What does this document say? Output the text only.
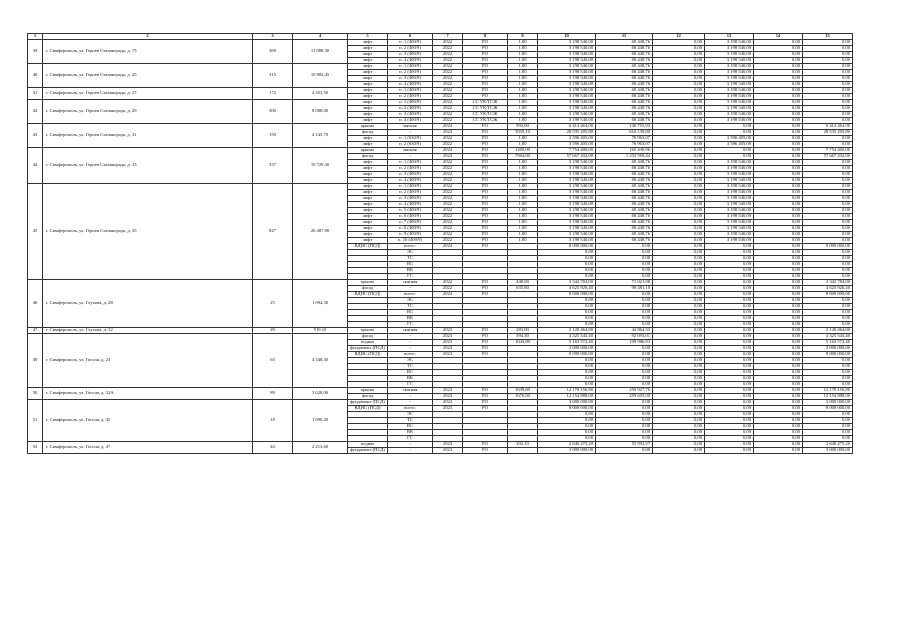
1	2	3	4	5	6	7	8	9	10	11	12	13	14	15
39	г. Симферополь, ул. Героев Сталинграда, д. 73	369	11 088,30	лифт	п. 1 (400/9)	2022	РО	1,00	3 198 540,00	68 448,76	0,00	3 198 540,00	0,00	0,00
				лифт	п. 2 (400/9)	2022	РО	1,00	3 198 540,00	68 448,76	0,00	3 198 540,00	0,00	0,00
				лифт	п. 3 (400/9)	2022	РО	1,00	3 198 540,00	68 448,76	0,00	3 198 540,00	0,00	0,00
				лифт	п. 4 (400/9)	2022	РО	1,00	3 198 540,00	68 448,76	0,00	3 198 540,00	0,00	0,00
40	г. Симферополь, ул. Героев Сталинграда, д. 25	315	10 882,45	лифт	п. 1 (400/9)	2022	РО	1,00	3 198 540,00	68 448,76	0,00	3 198 540,00	0,00	0,00
				лифт	п. 2 (400/9)	2022	РО	1,00	3 198 540,00	68 448,76	0,00	3 198 540,00	0,00	0,00
				лифт	п. 3 (400/9)	2022	РО	1,00	3 198 540,00	68 448,76	0,00	3 198 540,00	0,00	0,00
				лифт	п. 4 (400/9)	2022	РО	1,00	3 198 540,00	68 448,76	0,00	3 198 540,00	0,00	0,00
41	г. Симферополь, ул. Героев Сталинграда, д. 27	172	4 353,50	лифт	п. 1 (400/9)	2022	РО	1,00	3 198 540,00	68 448,76	0,00	3 198 540,00	0,00	0,00
				лифт	п. 2 (400/9)	2022	РО	1,00	3 198 540,00	68 448,76	0,00	3 198 540,00	0,00	0,00
42	г. Симферополь, ул. Героев Сталинграда, д. 29	300	8 008,00	лифт	п. 1 (400/9)	2022	СС УК/ТСЖ	1,00	3 198 540,00	68 448,76	0,00	3 198 540,00	0,00	0,00
				лифт	п. 2 (400/9)	2022	СС УК/ТСЖ	1,00	3 198 540,00	68 448,76	0,00	3 198 540,00	0,00	0,00
				лифт	п. 3 (400/9)	2022	СС УК/ТСЖ	1,00	3 198 540,00	68 448,76	0,00	3 198 540,00	0,00	0,00
				лифт	п. 4 (400/9)	2022	СС УК/ТСЖ	1,00	3 198 540,00	68 448,76	0,00	3 198 540,00	0,00	0,00
43	г. Симферополь, ул. Героев Сталинграда, д. 31	150	4 145,70	крыша	мягкая	2024	РО	992,00	6 414 464,00	136 755,93	0,00	0,00	0,00	6 414 464,00
				фасад	-	2024	РО	3939,10	28 535 205,80	610 139,80	0,00	0,00	0,00	28 535 205,80
				лифт	п. 1 (630/9)	2022	РО	1,00	3 596 405,00	76 963,07	0,00	3 596 405,00	0,00	0,00
				лифт	п. 2 (630/9)	2022	РО	1,00	3 596 405,00	76 963,07	0,00	3 596 405,00	0,00	0,00
44	г. Симферополь, ул. Героев Сталинграда, д. 33	337	10 729,30	крыша	мягкая	2024	РО	1200,00	7 754 400,00	165 430,96	0,00	0,00	0,00	7 754 400,00
				фасад	-	2024	РО	7964,00	57 667 432,00	1 233 569,44	0,00	0,00	0,00	57 667 432,00
				лифт	п. 1 (400/9)	2022	РО	1,00	3 198 540,00	68 448,76	0,00	3 198 540,00	0,00	0,00
				лифт	п. 2 (400/9)	2022	РО	1,00	3 198 540,00	68 448,76	0,00	3 198 540,00	0,00	0,00
				лифт	п. 3 (400/9)	2022	РО	1,00	3 198 540,00	68 448,76	0,00	3 198 540,00	0,00	0,00
				лифт	п. 4 (400/9)	2022	РО	1,00	3 198 540,00	68 448,76	0,00	3 198 540,00	0,00	0,00
45	г. Симферополь, ул. Героев Сталинграда, д. 35	827	26 487,90	лифт	п. 1 (400/9)	2022	РО	1,00	3 198 540,00	68 448,76	0,00	3 198 540,00	0,00	0,00
				лифт	п. 2 (400/9)	2022	РО	1,00	3 198 540,00	68 448,76	0,00	3 198 540,00	0,00	0,00
				лифт	п. 3 (400/9)	2022	РО	1,00	3 198 540,00	68 448,76	0,00	3 198 540,00	0,00	0,00
				лифт	п. 4 (400/9)	2022	РО	1,00	3 198 540,00	68 448,76	0,00	3 198 540,00	0,00	0,00
				лифт	п. 5 (400/9)	2022	РО	1,00	3 198 540,00	68 448,76	0,00	3 198 540,00	0,00	0,00
				лифт	п. 6 (400/9)	2022	РО	1,00	3 198 540,00	68 448,76	0,00	3 198 540,00	0,00	0,00
				лифт	п. 7 (400/9)	2022	РО	1,00	3 198 540,00	68 448,76	0,00	3 198 540,00	0,00	0,00
				лифт	п. 8 (400/9)	2022	РО	1,00	3 198 540,00	68 448,76	0,00	3 198 540,00	0,00	0,00
				лифт	п. 9 (400/9)	2022	РО	1,00	3 198 540,00	68 448,76	0,00	3 198 540,00	0,00	0,00
				лифт	п. 10 (400/9)	2022	РО	1,00	3 198 540,00	68 448,76	0,00	3 198 540,00	0,00	0,00
				ВДИС (ПСД)	всего:	2024	РО		8 000 000,00	0,00	0,00	0,00	0,00	8 000 000,00
					ЭС				0,00	0,00	0,00	0,00	0,00	0,00
					ТС				0,00	0,00	0,00	0,00	0,00	0,00
					ВС				0,00	0,00	0,00	0,00	0,00	0,00
					ВК				0,00	0,00	0,00	0,00	0,00	0,00
					ГС				0,00	0,00	0,00	0,00	0,00	0,00
46	г. Симферополь, ул. Глухова, д. 28	25	1 094,30	крыша	скатная	2022	РО	448,00	3 342 784,00	71 021,98	0,00	0,00	0,00	3 342 784,00
				фасад	-	2022	РО	635,80	4 625 920,40	98 481,10	0,00	0,00	0,00	4 625 920,40
				ВДИС (ПСД)	всего:	2024	РО		8 000 000,00	0,00	0,00	0,00	0,00	8 000 000,00
					ЭС				0,00	0,00	0,00	0,00	0,00	0,00
					ТС				0,00	0,00	0,00	0,00	0,00	0,00
					ВС				0,00	0,00	0,00	0,00	0,00	0,00
					ВК				0,00	0,00	0,00	0,00	0,00	0,00
					ГС				0,00	0,00	0,00	0,00	0,00	0,00
47	г. Симферополь, ул. Глухова, д. 32	29	919,10	крыша	скатная	2023	РО	283,00	2 120 464,00	44 864,33	0,00	0,00	0,00	2 120 464,00
49	г. Симферополь, ул. Гоголя, д. 23	63	4 348,30	фасад	-	2023	РО	594,30	4 325 543,40	92 093,01	0,00	0,00	0,00	4 325 543,40
				подвал	-	2023	РО	1043,80	5 163 572,40	109 986,83	0,00	0,00	0,00	5 163 572,40
				фундамент (ПСД)	-	2024	РО		3 000 000,00	0,00	0,00	0,00	0,00	3 000 000,00
				ВДИС (ПСД)	всего:	2023	РО		8 000 000,00	0,00	0,00	0,00	0,00	8 000 000,00
					ЭС				0,00	0,00	0,00	0,00	0,00	0,00
					ТС				0,00	0,00	0,00	0,00	0,00	0,00
					ВС				0,00	0,00	0,00	0,00	0,00	0,00
					ВК				0,00	0,00	0,00	0,00	0,00	0,00
					ГС				0,00	0,00	0,00	0,00	0,00	0,00
50	г. Симферополь, ул. Гоголя, д. 32А	89	3 628,00	крыша	скатная	2023	РО	1639,60	12 170 156,80	259 927,76	0,00	0,00	0,00	12 170 156,80
				фасад	-	2023	РО	1676,00	12 154 888,00	259 603,00	0,00	0,00	0,00	12 154 888,00
51	г. Симферополь, ул. Гоголя, д. 45	18	1 090,20	фундамент (ПСД)	-	2024	РО		3 000 000,00	0,00	0,00	0,00	0,00	3 000 000,00
				ВДИС (ПСД)	всего:	2023	РО		8 000 000,00	0,00	0,00	0,00	0,00	8 000 000,00
					ЭС				0,00	0,00	0,00	0,00	0,00	0,00
					ТС				0,00	0,00	0,00	0,00	0,00	0,00
					ВС				0,00	0,00	0,00	0,00	0,00	0,00
					ВК				0,00	0,00	0,00	0,00	0,00	0,00
					ГС				0,00	0,00	0,00	0,00	0,00	0,00
52	г. Симферополь, ул. Гоголя, д. 47	44	2 213,60	подвал	-	2023	РО	202,10	2 640 475,20	55 992,37	0,00	0,00	0,00	2 640 475,20
				фундамент (ПСД)	-	2023	РО		3 000 000,00	0,00	0,00	0,00	0,00	3 000 000,00
